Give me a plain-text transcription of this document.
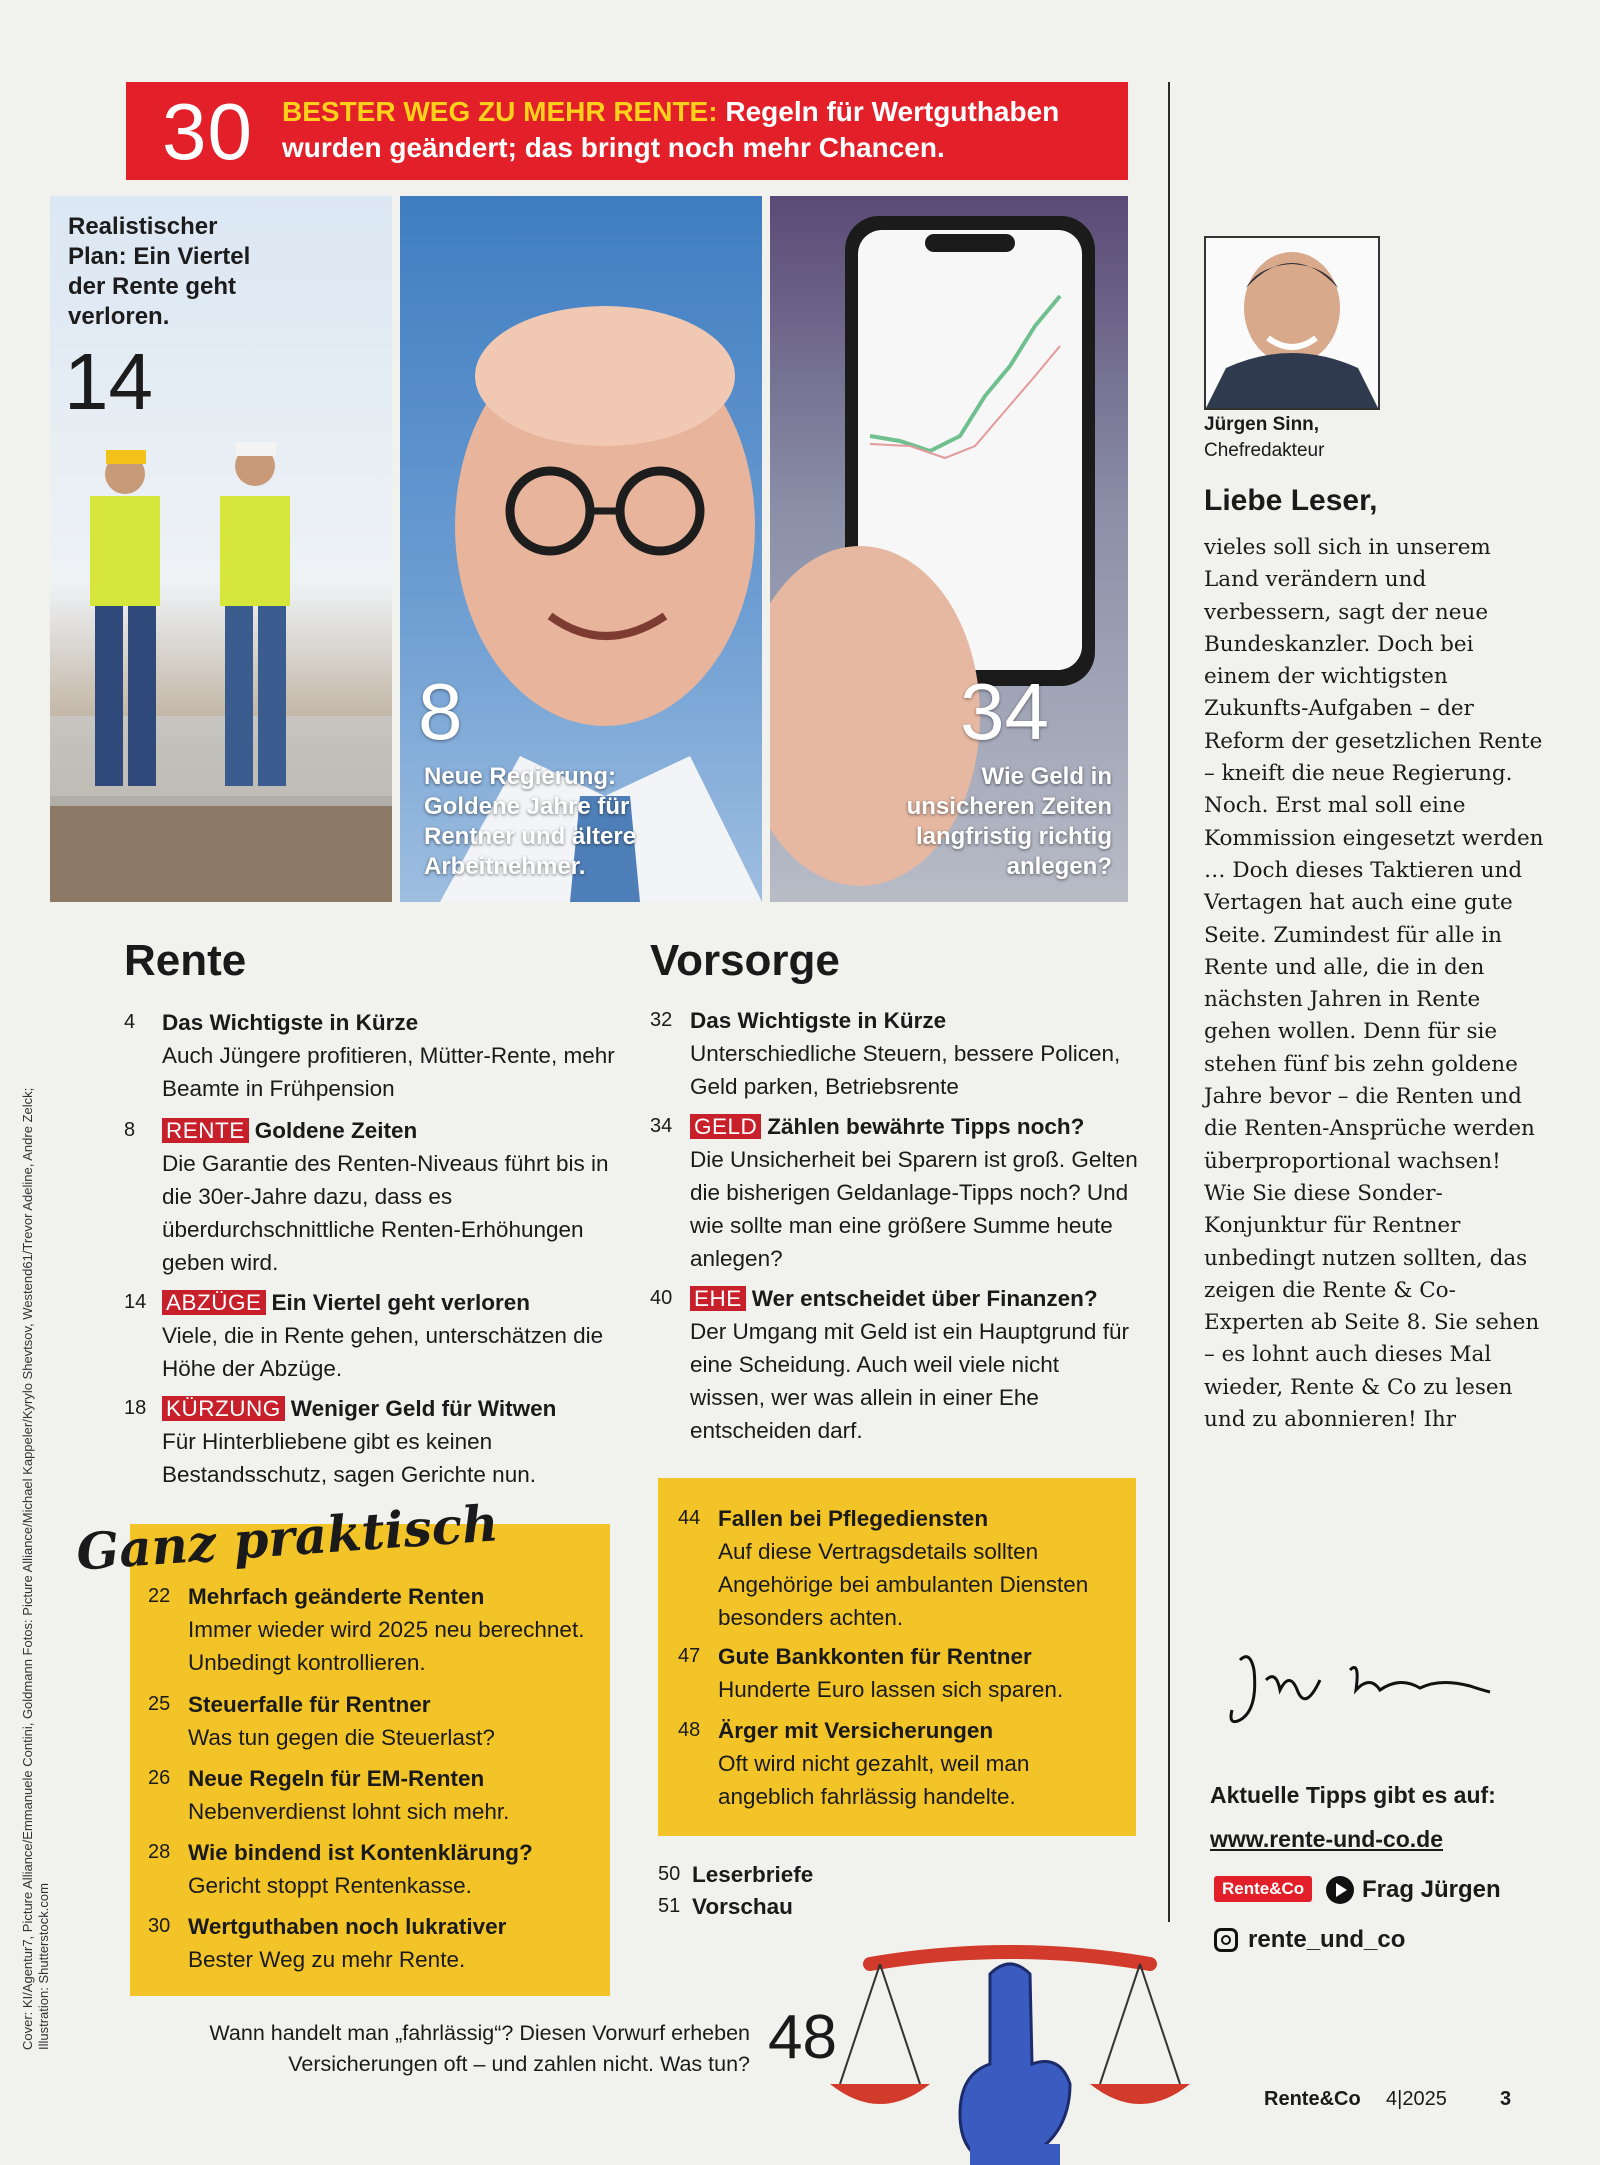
30 BESTER WEG ZU MEHR RENTE: Regeln für Wertguthaben wurden geändert; das bringt noch mehr Chancen.
Realistischer Plan: Ein Viertel der Rente geht verloren.
14
8
Neue Regierung: Goldene Jahre für Rentner und ältere Arbeitnehmer.
34
Wie Geld in unsicheren Zeiten langfristig richtig anlegen?
Jürgen Sinn,
Chefredakteur
Liebe Leser,
vieles soll sich in unserem Land verändern und verbessern, sagt der neue Bundeskanzler. Doch bei einem der wichtigsten Zukunfts-Aufgaben – der Reform der gesetzlichen Rente – kneift die neue Regierung. Noch. Erst mal soll eine Kommission eingesetzt werden … Doch dieses Taktieren und Vertagen hat auch eine gute Seite. Zumindest für alle in Rente und alle, die in den nächsten Jahren in Rente gehen wollen. Denn für sie stehen fünf bis zehn goldene Jahre bevor – die Renten und die Renten-Ansprüche werden überproportional wachsen! Wie Sie diese Sonder-Konjunktur für Rentner unbedingt nutzen sollten, das zeigen die Rente & Co-Experten ab Seite 8. Sie sehen – es lohnt auch dieses Mal wieder, Rente & Co zu lesen und zu abonnieren! Ihr
Aktuelle Tipps gibt es auf:
www.rente-und-co.de
Rente&Co	Frag Jürgen
rente_und_co
Rente
4	Das Wichtigste in Kürze
Auch Jüngere profitieren, Mütter-Rente, mehr Beamte in Frühpension
8	RENTE Goldene Zeiten
Die Garantie des Renten-Niveaus führt bis in die 30er-Jahre dazu, dass es überdurchschnittliche Renten-Erhöhungen geben wird.
14 ABZÜGE Ein Viertel geht verloren
Viele, die in Rente gehen, unterschätzen die Höhe der Abzüge.
18 KÜRZUNG Weniger Geld für Witwen
Für Hinterbliebene gibt es keinen Bestandsschutz, sagen Gerichte nun.
Vorsorge
32 Das Wichtigste in Kürze
Unterschiedliche Steuern, bessere Policen, Geld parken, Betriebsrente
34 GELD Zählen bewährte Tipps noch?
Die Unsicherheit bei Sparern ist groß. Gelten die bisherigen Geldanlage-Tipps noch? Und wie sollte man eine größere Summe heute anlegen?
40 EHE Wer entscheidet über Finanzen?
Der Umgang mit Geld ist ein Hauptgrund für eine Scheidung. Auch weil viele nicht wissen, wer was allein in einer Ehe entscheiden darf.
Ganz praktisch
22 Mehrfach geänderte Renten
Immer wieder wird 2025 neu berechnet. Unbedingt kontrollieren.
25 Steuerfalle für Rentner
Was tun gegen die Steuerlast?
26 Neue Regeln für EM-Renten
Nebenverdienst lohnt sich mehr.
28 Wie bindend ist Kontenklärung?
Gericht stoppt Rentenkasse.
30 Wertguthaben noch lukrativer
Bester Weg zu mehr Rente.
44 Fallen bei Pflegediensten
Auf diese Vertragsdetails sollten Angehörige bei ambulanten Diensten besonders achten.
47 Gute Bankkonten für Rentner
Hunderte Euro lassen sich sparen.
48 Ärger mit Versicherungen
Oft wird nicht gezahlt, weil man angeblich fahrlässig handelte.
50 Leserbriefe
51 Vorschau
Wann handelt man „fahrlässig“? Diesen Vorwurf erheben Versicherungen oft – und zahlen nicht. Was tun? 48
Rente&Co 4|2025	3
Cover: KI/Agentur7, Picture Alliance/Emmanuele Contini, Goldmann Fotos: Picture Alliance/Michael Kappeler/Kyrylo Shevtsov, Westend61/Trevor Adeline, Andre Zelck; Illustration: Shutterstock.com
